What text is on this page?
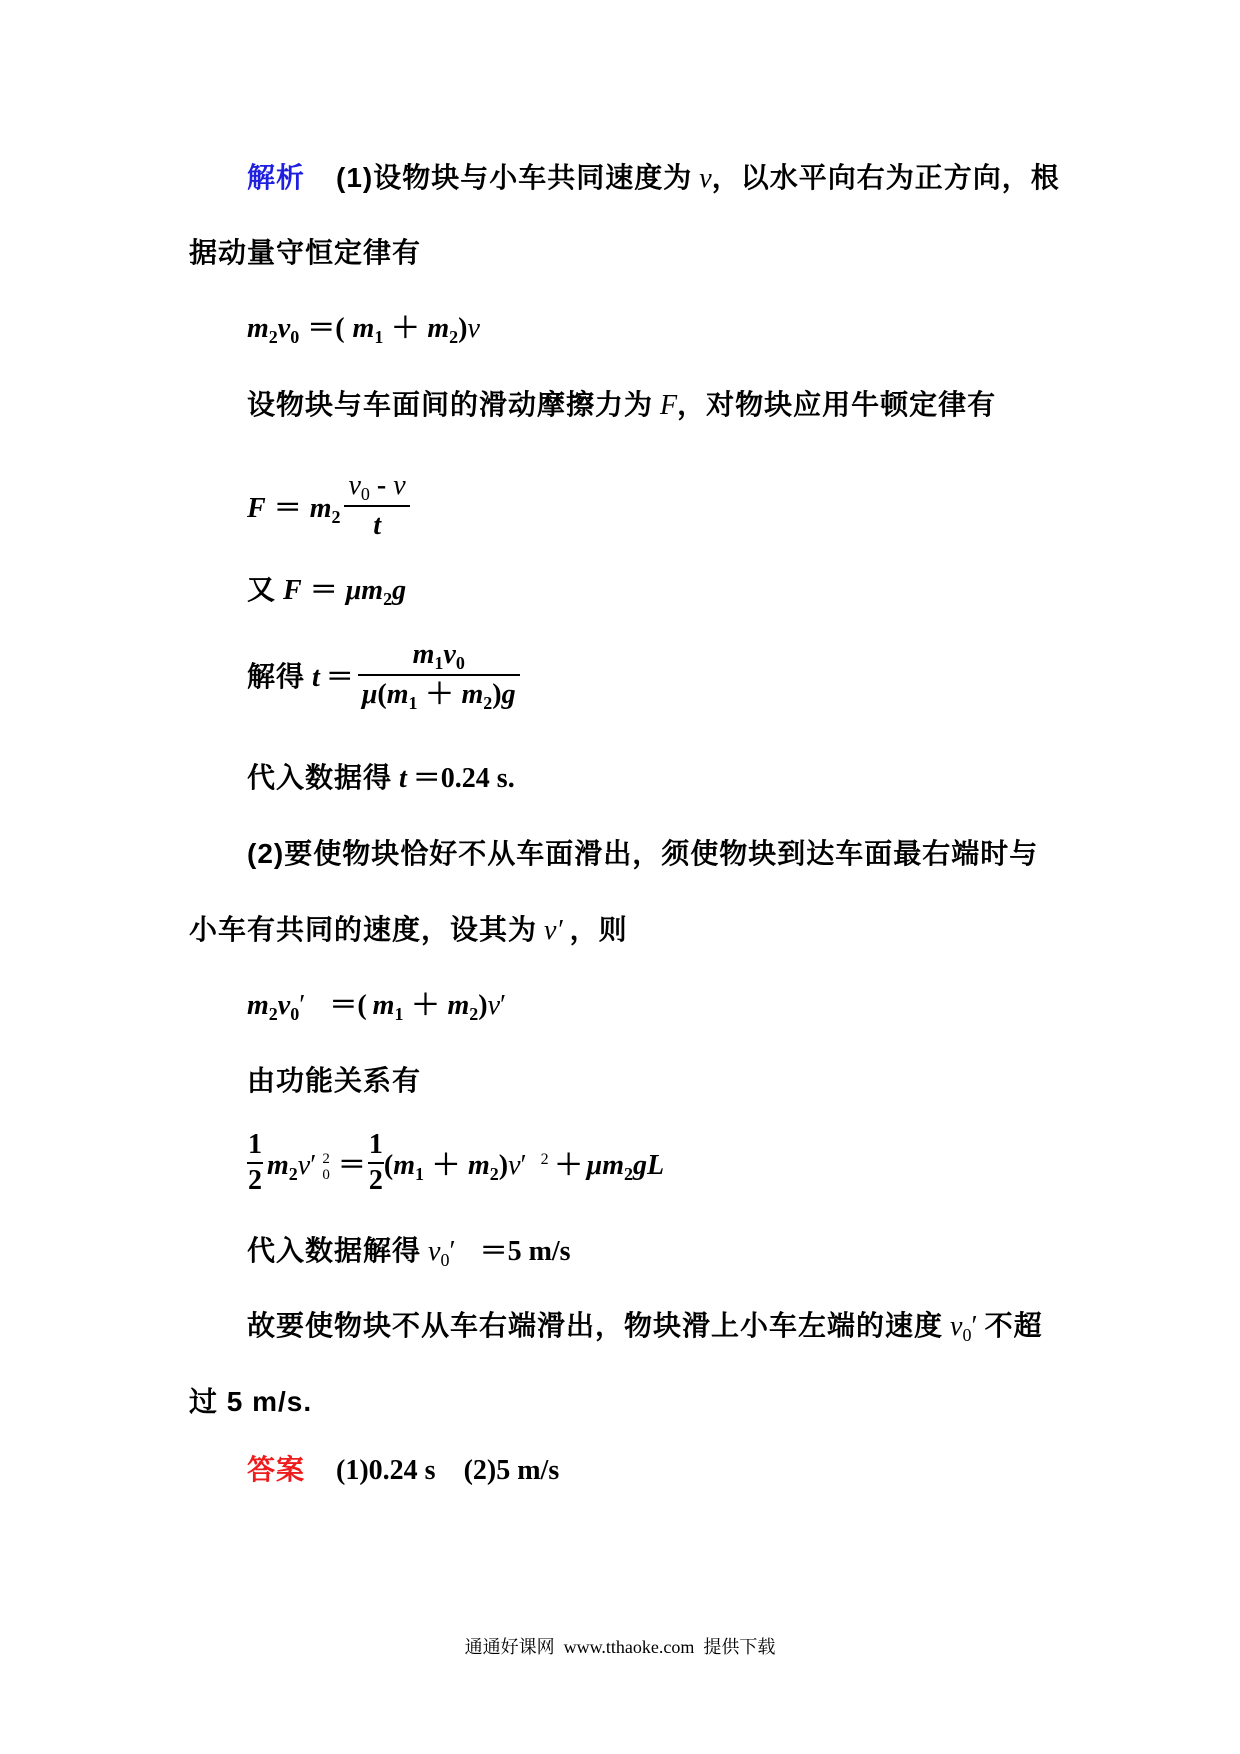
解析 (1)设物块与小车共同速度为 v，以水平向右为正方向，根
据动量守恒定律有
$m_2v_0$ ＝( $m_1 + m_2)v$
设物块与车面间的滑动摩擦力为 F，对物块应用牛顿定律有
$F = m_2 \frac{v_0 - v}{t}$
又 $F = \mu m_2g$
解得 $t = \frac{m_1v_0}{\mu(m_1 + m_2)g}$
代入数据得 t ＝0.24 s.
(2)要使物块恰好不从车面滑出，须使物块到达车面最右端时与
小车有共同的速度，设其为 v′ ，则
$m_2v_0'$ ＝( $m_1 + m_2)v'$
由功能关系有
$\frac{1}{2} m_2v'$ 2
$0 = \frac{1}{2} (m_1 + m_2)v'$ $^2 + \mu m_2gL$
代入数据解得 $v_0' =5$ m/s
故要使物块不从车右端滑出，物块滑上小车左端的速度 $v_0'$ 不超
过 5 m/s.
答案 (1)0.24 s (2)5 m/s
通通好课网  www.tthaoke.com  提供下载
